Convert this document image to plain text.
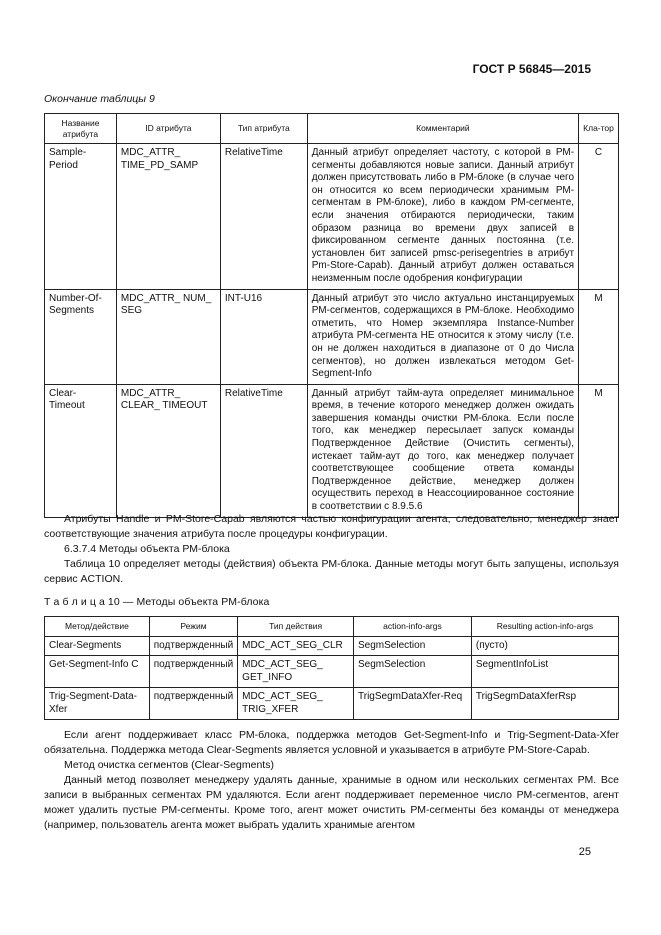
ГОСТ Р 56845—2015
Окончание таблицы 9
Название атрибута	ID атрибута	Тип атрибута	Комментарий	Кла-тор
Sample-Period	MDC_ATTR_ TIME_PD_SAMP	RelativeTime	Данный атрибут определяет частоту, с которой в РМ-сегменты добавляются новые записи. Данный атрибут должен присутствовать либо в РМ-блоке (в случае чего он относится ко всем периодически хранимым РМ-сегментам в РМ-блоке), либо в каждом РМ-сегменте, если значения отбираются периодически, таким образом разница во времени двух записей в фиксированном сегменте данных постоянна (т.е. установлен бит записей pmsc-perisegentries в атрибут Pm-Store-Capab). Данный атрибут должен оставаться неизменным после одобрения конфигурации	С
Number-Of-Segments	MDC_ATTR_ NUM_ SEG	INT-U16	Данный атрибут это число актуально инстанцируемых РМ-сегментов, содержащихся в РМ-блоке. Необходимо отметить, что Номер экземпляра Instance-Number атрибута РМ-сегмента НЕ относится к этому числу (т.е. он не должен находиться в диапазоне от 0 до Числа сегментов), но должен извлекаться методом Get-Segment-Info	М
Clear-Timeout	MDC_ATTR_ CLEAR_ TIMEOUT	RelativeTime	Данный атрибут тайм-аута определяет минимальное время, в течение которого менеджер должен ожидать завершения команды очистки РМ-блока. Если после того, как менеджер пересылает запуск команды Подтвержденное Действие (Очистить сегменты), истекает тайм-аут до того, как менеджер получает соответствующее сообщение ответа команды Подтвержденное действие, менеджер должен осуществить переход в Неассоциированное состояние в соответствии с 8.9.5.6	М

Атрибуты Handle и PM-Store-Capab являются частью конфигурации агента, следовательно, менеджер знает соответствующие значения атрибута после процедуры конфигурации.

6.3.7.4 Методы объекта РМ-блока

Таблица 10 определяет методы (действия) объекта РМ-блока. Данные методы могут быть запущены, используя сервис ACTION.

Т а б л и ц а 10 — Методы объекта РМ-блока
Метод/действие	Режим	Тип действия	action-info-args	Resulting action-info-args
Clear-Segments	подтвержденный	MDC_ACT_SEG_CLR	SegmSelection	(пусто)
Get-Segment-Info С	подтвержденный	MDC_ACT_SEG_ GET_INFO	SegmSelection	SegmentInfoList
Trig-Segment-Data-Xfer	подтвержденный	MDC_ACT_SEG_ TRIG_XFER	TrigSegmDataXfer-Req	TrigSegmDataXferRsp

Если агент поддерживает класс РМ-блока, поддержка методов Get-Segment-Info и Trig-Segment-Data-Xfer обязательна. Поддержка метода Clear-Segments является условной и указывается в атрибуте PM-Store-Capab.

Метод очистка сегментов (Clear-Segments)

Данный метод позволяет менеджеру удалять данные, хранимые в одном или нескольких сегментах РМ. Все записи в выбранных сегментах РМ удаляются. Если агент поддерживает переменное число РМ-сегментов, агент может удалить пустые РМ-сегменты. Кроме того, агент может очистить РМ-сегменты без команды от менеджера (например, пользователь агента может выбрать удалить хранимые агентом

25
